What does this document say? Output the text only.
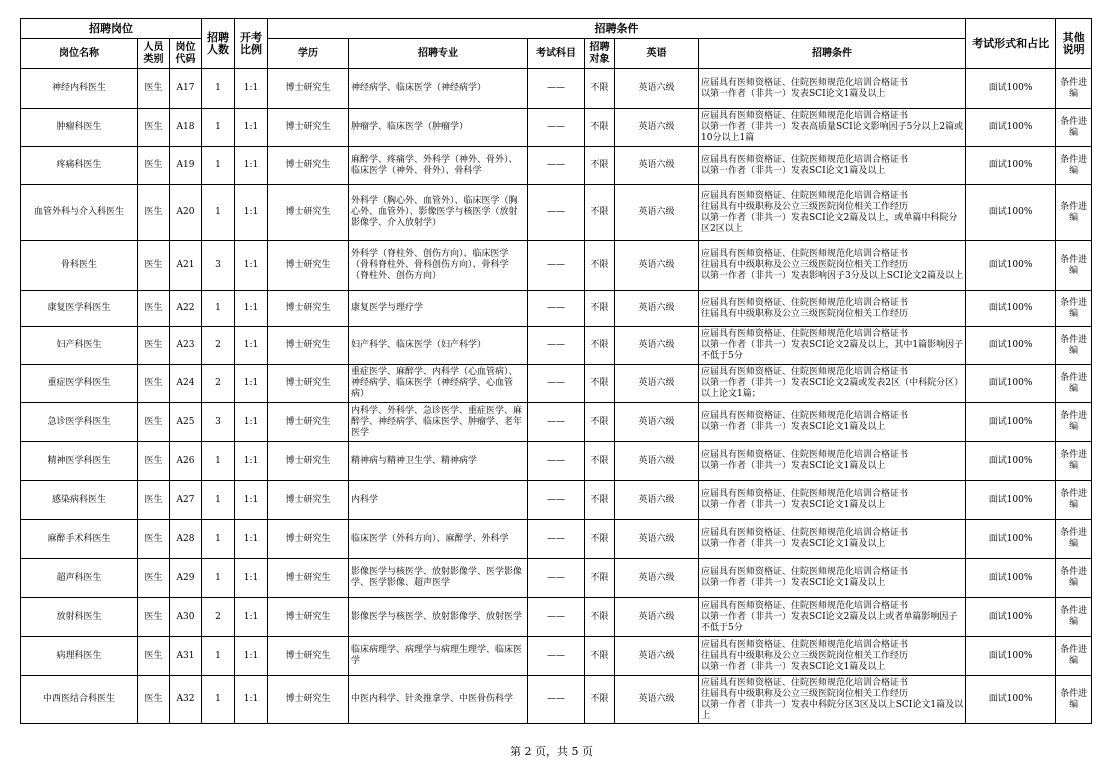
招聘岗位			招聘人数	开考比例	招聘条件						考试形式和占比	其他说明
岗位名称	人员类别	岗位代码			学历	招聘专业	考试科目	招聘对象	英语	招聘条件		
神经内科医生	医生	A17	1	1:1	博士研究生	神经病学、临床医学（神经病学）	——	不限	英语六级	应届具有医师资格证、住院医师规范化培训合格证书
以第一作者（非共一）发表SCI论文1篇及以上	面试100%	条件进编
肿瘤科医生	医生	A18	1	1:1	博士研究生	肿瘤学、临床医学（肿瘤学）	——	不限	英语六级	应届具有医师资格证、住院医师规范化培训合格证书
以第一作者（非共一）发表高质量SCI论文影响因子5分以上2篇或10分以上1篇	面试100%	条件进编
疼痛科医生	医生	A19	1	1:1	博士研究生	麻醉学、疼痛学、外科学（神外、骨外）、临床医学（神外、骨外）、骨科学	——	不限	英语六级	应届具有医师资格证、住院医师规范化培训合格证书
以第一作者（非共一）发表SCI论文1篇及以上	面试100%	条件进编
血管外科与介入科医生	医生	A20	1	1:1	博士研究生	外科学（胸心外、血管外）、临床医学（胸心外、血管外）、影像医学与核医学（放射影像学、介入放射学）	——	不限	英语六级	应届具有医师资格证、住院医师规范化培训合格证书
往届具有中级职称及公立三级医院岗位相关工作经历
以第一作者（非共一）发表SCI论文2篇及以上，或单篇中科院分区2区以上	面试100%	条件进编
骨科医生	医生	A21	3	1:1	博士研究生	外科学（脊柱外、创伤方向）、临床医学（骨科脊柱外、骨科创伤方向）、骨科学（脊柱外、创伤方向）	——	不限	英语六级	应届具有医师资格证、住院医师规范化培训合格证书
往届具有中级职称及公立三级医院岗位相关工作经历
以第一作者（非共一）发表影响因子3分及以上SCI论文2篇及以上	面试100%	条件进编
康复医学科医生	医生	A22	1	1:1	博士研究生	康复医学与理疗学	——	不限	英语六级	应届具有医师资格证、住院医师规范化培训合格证书
往届具有中级职称及公立三级医院岗位相关工作经历	面试100%	条件进编
妇产科医生	医生	A23	2	1:1	博士研究生	妇产科学、临床医学（妇产科学）	——	不限	英语六级	应届具有医师资格证、住院医师规范化培训合格证书
以第一作者（非共一）发表SCI论文2篇及以上，其中1篇影响因子不低于5分	面试100%	条件进编
重症医学科医生	医生	A24	2	1:1	博士研究生	重症医学、麻醉学、内科学（心血管病）、神经病学、临床医学（神经病学、心血管病）	——	不限	英语六级	应届具有医师资格证、住院医师规范化培训合格证书
以第一作者（非共一）发表SCI论文2篇或发表2区（中科院分区）以上论文1篇；	面试100%	条件进编
急诊医学科医生	医生	A25	3	1:1	博士研究生	内科学、外科学、急诊医学、重症医学、麻醉学、神经病学、临床医学、肿瘤学、老年医学	——	不限	英语六级	应届具有医师资格证、住院医师规范化培训合格证书
以第一作者（非共一）发表SCI论文1篇及以上	面试100%	条件进编
精神医学科医生	医生	A26	1	1:1	博士研究生	精神病与精神卫生学、精神病学	——	不限	英语六级	应届具有医师资格证、住院医师规范化培训合格证书
以第一作者（非共一）发表SCI论文1篇及以上	面试100%	条件进编
感染病科医生	医生	A27	1	1:1	博士研究生	内科学	——	不限	英语六级	应届具有医师资格证、住院医师规范化培训合格证书
以第一作者（非共一）发表SCI论文1篇及以上	面试100%	条件进编
麻醉手术科医生	医生	A28	1	1:1	博士研究生	临床医学（外科方向）、麻醉学、外科学	——	不限	英语六级	应届具有医师资格证、住院医师规范化培训合格证书
以第一作者（非共一）发表SCI论文1篇及以上	面试100%	条件进编
超声科医生	医生	A29	1	1:1	博士研究生	影像医学与核医学、放射影像学、医学影像学、医学影像、超声医学	——	不限	英语六级	应届具有医师资格证、住院医师规范化培训合格证书
以第一作者（非共一）发表SCI论文1篇及以上	面试100%	条件进编
放射科医生	医生	A30	2	1:1	博士研究生	影像医学与核医学、放射影像学、放射医学	——	不限	英语六级	应届具有医师资格证、住院医师规范化培训合格证书
以第一作者（非共一）发表SCI论文2篇及以上或者单篇影响因子不低于5分	面试100%	条件进编
病理科医生	医生	A31	1	1:1	博士研究生	临床病理学、病理学与病理生理学、临床医学	——	不限	英语六级	应届具有医师资格证、住院医师规范化培训合格证书
往届具有中级职称及公立三级医院岗位相关工作经历
以第一作者（非共一）发表SCI论文1篇及以上	面试100%	条件进编
中西医结合科医生	医生	A32	1	1:1	博士研究生	中医内科学、针灸推拿学、中医骨伤科学	——	不限	英语六级	应届具有医师资格证、住院医师规范化培训合格证书
往届具有中级职称及公立三级医院岗位相关工作经历
以第一作者（非共一）发表中科院分区3区及以上SCI论文1篇及以上	面试100%	条件进编
第 2 页，共 5 页
